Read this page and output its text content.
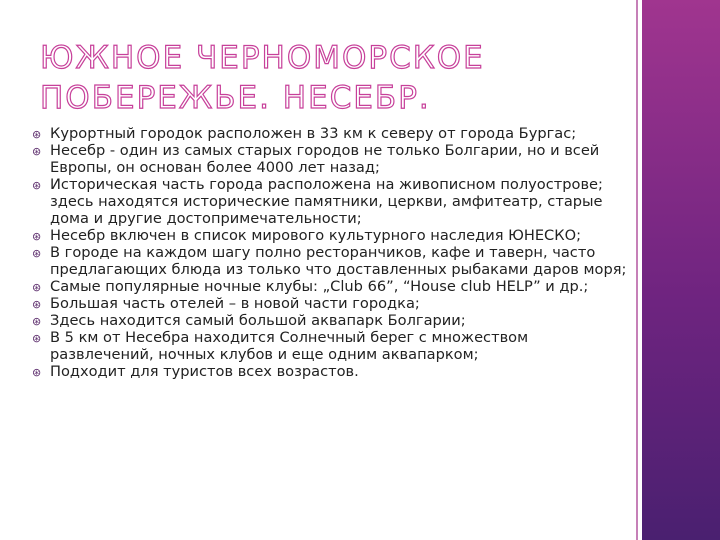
ЮЖНОЕ ЧЕРНОМОРСКОЕ
ПОБЕРЕЖЬЕ. НЕСЕБР.
⊛ Курортный городок расположен в 33 км к северу от города Бургас;
⊛ Несебр - один из самых старых городов не только Болгарии, но и всей Европы, он основан более 4000 лет назад;
⊛ Историческая часть города расположена на живописном полуострове; здесь находятся исторические памятники, церкви, амфитеатр, старые дома и другие достопримечательности;
⊛ Несебр включен в список мирового культурного наследия ЮНЕСКО;
⊛ В городе на каждом шагу полно ресторанчиков, кафе и таверн, часто предлагающих блюда из только что доставленных рыбаками даров моря;
⊛ Самые популярные ночные клубы: „Club 66”, “House club HELP” и др.;
⊛ Большая часть отелей – в новой части городка;
⊛ Здесь находится самый большой аквапарк Болгарии;
⊛ В 5 км от Несебра находится Солнечный берег с множеством развлечений, ночных клубов и еще одним аквапарком;
⊛ Подходит для туристов всех возрастов.
